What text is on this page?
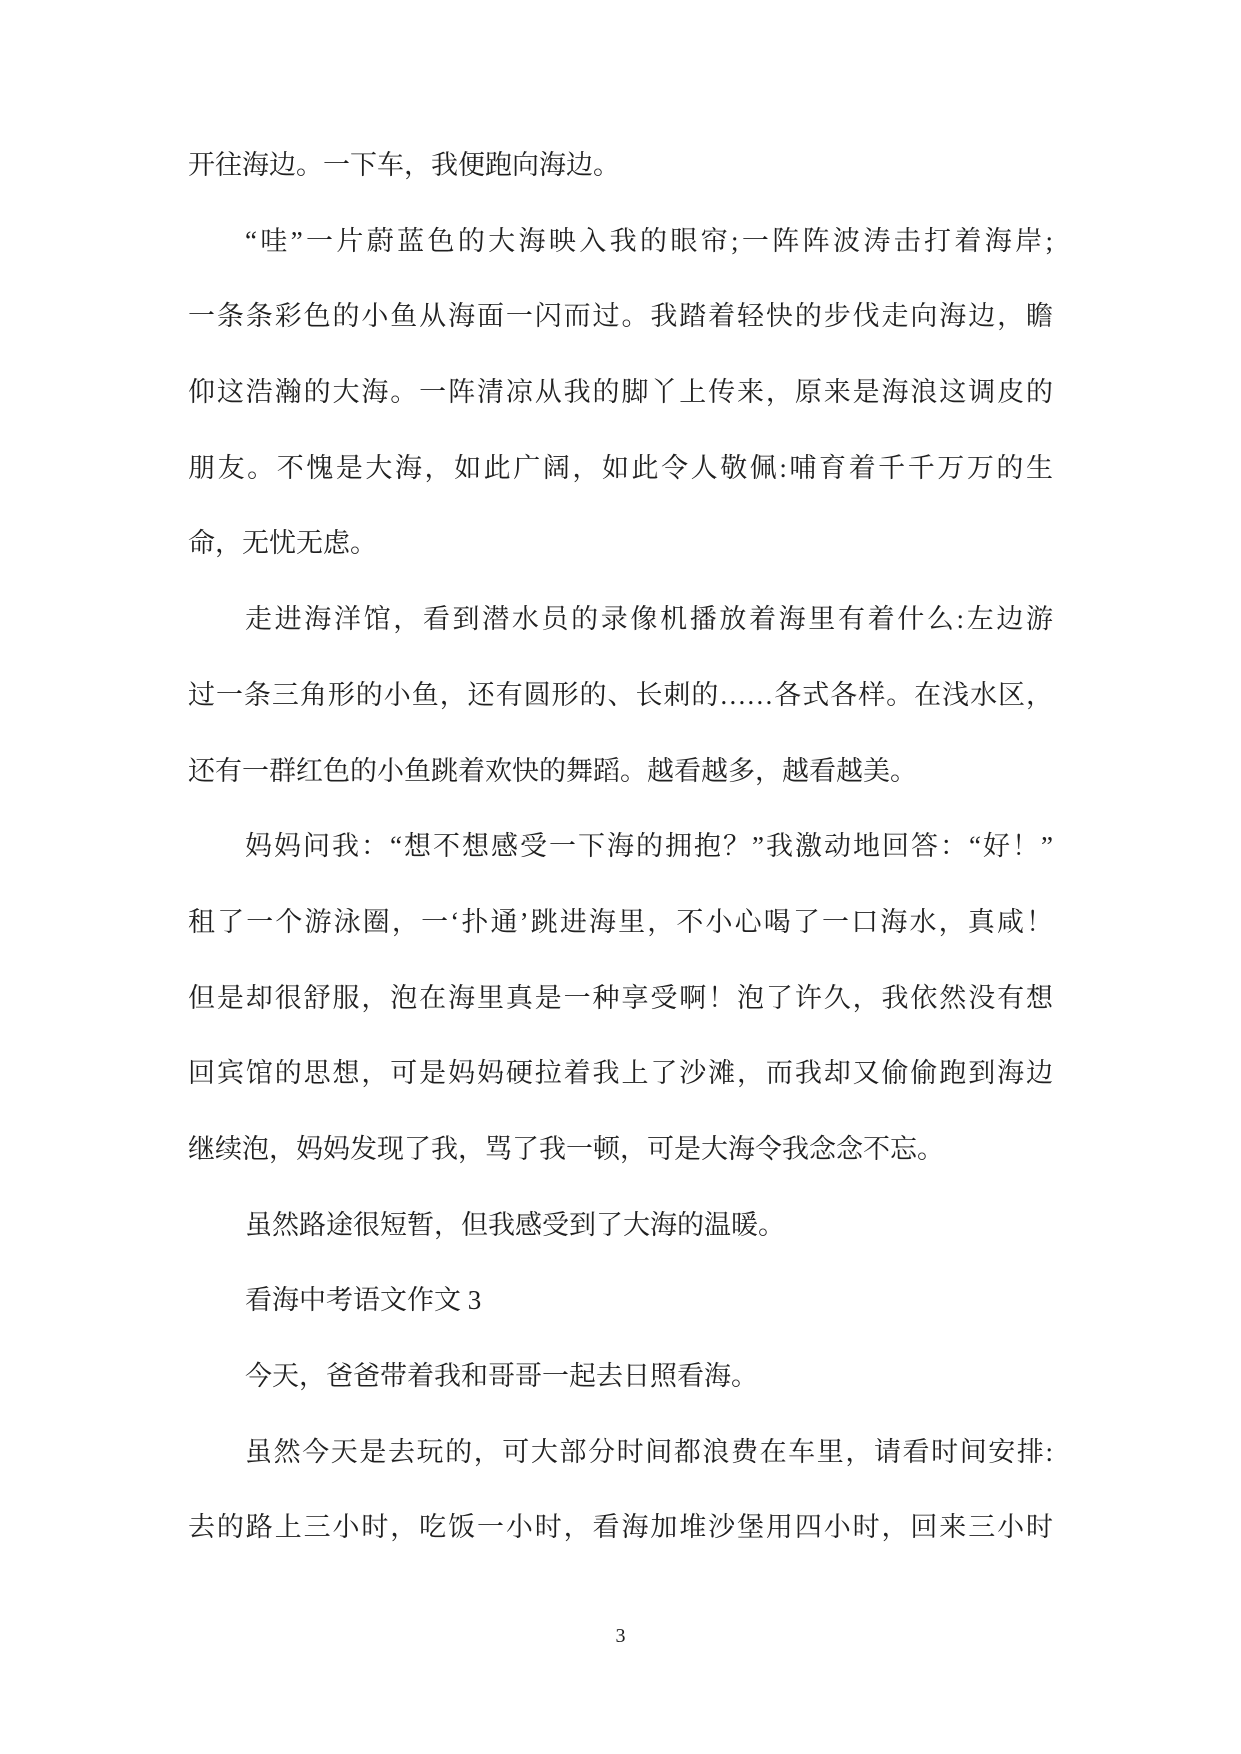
开往海边。一下车，我便跑向海边。
“哇”一片蔚蓝色的大海映入我的眼帘;一阵阵波涛击打着海岸;
一条条彩色的小鱼从海面一闪而过。我踏着轻快的步伐走向海边，瞻
仰这浩瀚的大海。一阵清凉从我的脚丫上传来，原来是海浪这调皮的
朋友。不愧是大海，如此广阔，如此令人敬佩:哺育着千千万万的生
命，无忧无虑。
走进海洋馆，看到潜水员的录像机播放着海里有着什么:左边游
过一条三角形的小鱼，还有圆形的、长刺的……各式各样。在浅水区，
还有一群红色的小鱼跳着欢快的舞蹈。越看越多，越看越美。
妈妈问我：“想不想感受一下海的拥抱？”我激动地回答：“好！”
租了一个游泳圈，一‘扑通’跳进海里，不小心喝了一口海水，真咸！
但是却很舒服，泡在海里真是一种享受啊！泡了许久，我依然没有想
回宾馆的思想，可是妈妈硬拉着我上了沙滩，而我却又偷偷跑到海边
继续泡，妈妈发现了我，骂了我一顿，可是大海令我念念不忘。
虽然路途很短暂，但我感受到了大海的温暖。
看海中考语文作文 3
今天，爸爸带着我和哥哥一起去日照看海。
虽然今天是去玩的，可大部分时间都浪费在车里，请看时间安排:
去的路上三小时，吃饭一小时，看海加堆沙堡用四小时，回来三小时
3
